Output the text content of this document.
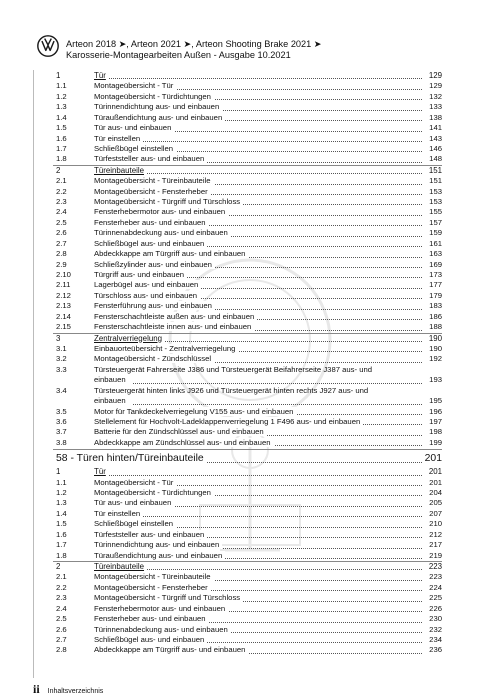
Arteon 2018 ➤, Arteon 2021 ➤, Arteon Shooting Brake 2021 ➤
Karosserie-Montagearbeiten Außen - Ausgabe 10.2021
1	Tür	129
1.1	Montageübersicht - Tür	129
1.2	Montageübersicht - Türdichtungen	132
1.3	Türinnendichtung aus- und einbauen	133
1.4	Türaußendichtung aus- und einbauen	138
1.5	Tür aus- und einbauen	141
1.6	Tür einstellen	143
1.7	Schließbügel einstellen	146
1.8	Türfeststeller aus- und einbauen	148
2	Türeinbauteile	151
2.1	Montageübersicht - Türeinbauteile	151
2.2	Montageübersicht - Fensterheber	153
2.3	Montageübersicht - Türgriff und Türschloss	153
2.4	Fensterhebermotor aus- und einbauen	155
2.5	Fensterheber aus- und einbauen	157
2.6	Türinnenabdeckung aus- und einbauen	159
2.7	Schließbügel aus- und einbauen	161
2.8	Abdeckkappe am Türgriff aus- und einbauen	163
2.9	Schließzylinder aus- und einbauen	169
2.10	Türgriff aus- und einbauen	173
2.11	Lagerbügel aus- und einbauen	177
2.12	Türschloss aus- und einbauen	179
2.13	Fensterführung aus- und einbauen	183
2.14	Fensterschachtleiste außen aus- und einbauen	186
2.15	Fensterschachtleiste innen aus- und einbauen	188
3	Zentralverriegelung	190
3.1	Einbauorteübersicht - Zentralverriegelung	190
3.2	Montageübersicht - Zündschlüssel	192
3.3	Türsteuergerät Fahrerseite J386 und Türsteuergerät Beifahrerseite J387 aus- und
einbauen	193
3.4	Türsteuergerät hinten links J926 und Türsteuergerät hinten rechts J927 aus- und
einbauen	195
3.5	Motor für Tankdeckelverriegelung V155 aus- und einbauen	196
3.6	Stellelement für Hochvolt-Ladeklappenverriegelung 1 F496 aus- und einbauen	197
3.7	Batterie für den Zündschlüssel aus- und einbauen	198
3.8	Abdeckkappe am Zündschlüssel aus- und einbauen	199
58 - Türen hinten/Türeinbauteile	201
1	Tür	201
1.1	Montageübersicht - Tür	201
1.2	Montageübersicht - Türdichtungen	204
1.3	Tür aus- und einbauen	205
1.4	Tür einstellen	207
1.5	Schließbügel einstellen	210
1.6	Türfeststeller aus- und einbauen	212
1.7	Türinnendichtung aus- und einbauen	217
1.8	Türaußendichtung aus- und einbauen	219
2	Türeinbauteile	223
2.1	Montageübersicht - Türeinbauteile	223
2.2	Montageübersicht - Fensterheber	224
2.3	Montageübersicht - Türgriff und Türschloss	225
2.4	Fensterhebermotor aus- und einbauen	226
2.5	Fensterheber aus- und einbauen	230
2.6	Türinnenabdeckung aus- und einbauen	232
2.7	Schließbügel aus- und einbauen	234
2.8	Abdeckkappe am Türgriff aus- und einbauen	236
ii Inhaltsverzeichnis
